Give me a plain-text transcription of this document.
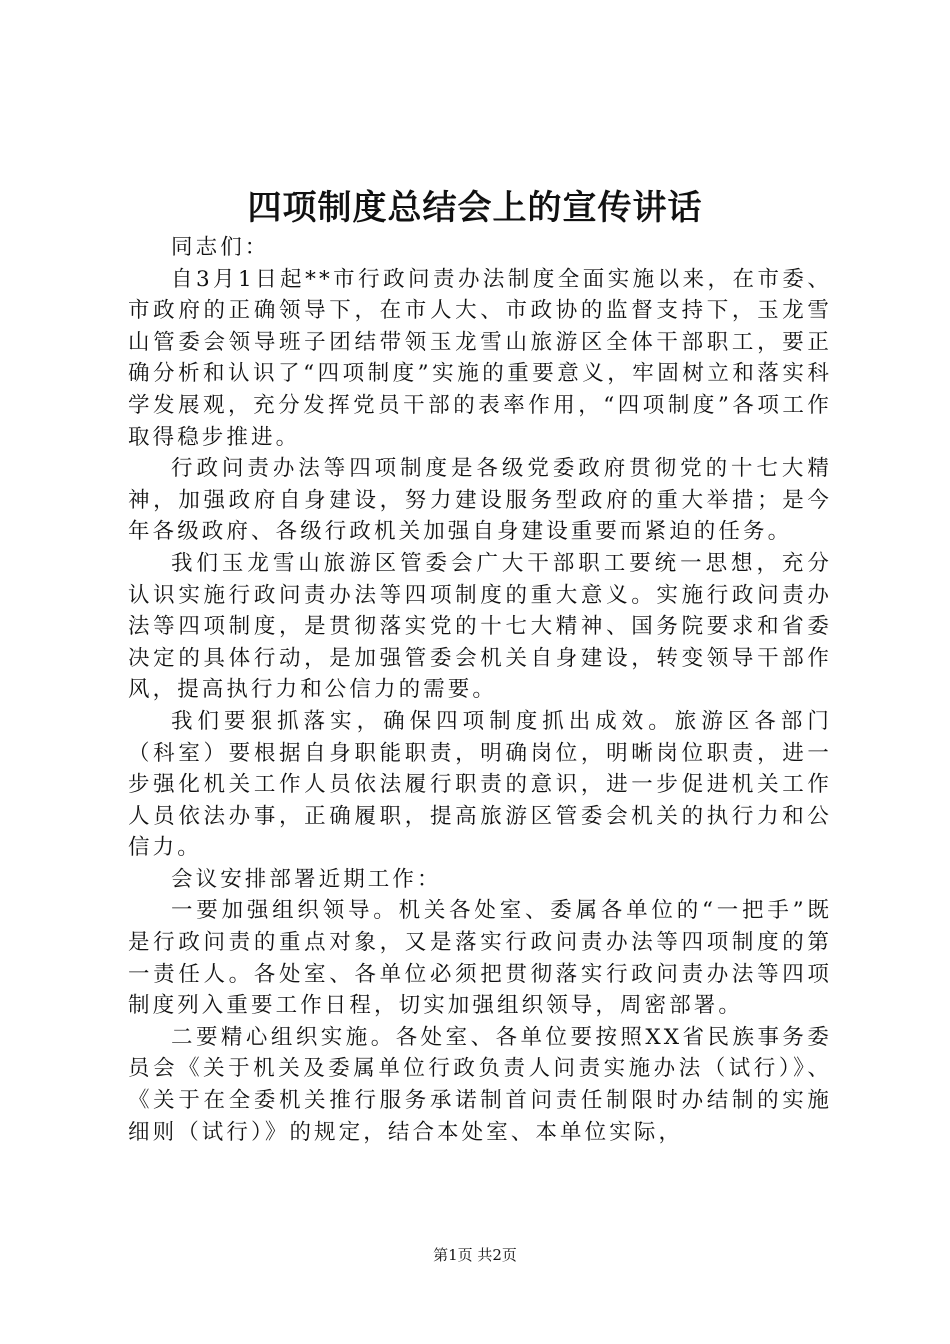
四项制度总结会上的宣传讲话

同志们：

自3月1日起**市行政问责办法制度全面实施以来，在市委、市政府的正确领导下，在市人大、市政协的监督支持下，玉龙雪山管委会领导班子团结带领玉龙雪山旅游区全体干部职工，要正确分析和认识了“四项制度”实施的重要意义，牢固树立和落实科学发展观，充分发挥党员干部的表率作用，“四项制度”各项工作取得稳步推进。

行政问责办法等四项制度是各级党委政府贯彻党的十七大精神，加强政府自身建设，努力建设服务型政府的重大举措；是今年各级政府、各级行政机关加强自身建设重要而紧迫的任务。

我们玉龙雪山旅游区管委会广大干部职工要统一思想，充分认识实施行政问责办法等四项制度的重大意义。实施行政问责办法等四项制度，是贯彻落实党的十七大精神、国务院要求和省委决定的具体行动，是加强管委会机关自身建设，转变领导干部作风，提高执行力和公信力的需要。

我们要狠抓落实，确保四项制度抓出成效。旅游区各部门（科室）要根据自身职能职责，明确岗位，明晰岗位职责，进一步强化机关工作人员依法履行职责的意识，进一步促进机关工作人员依法办事，正确履职，提高旅游区管委会机关的执行力和公信力。

会议安排部署近期工作：

一要加强组织领导。机关各处室、委属各单位的“一把手”既是行政问责的重点对象，又是落实行政问责办法等四项制度的第一责任人。各处室、各单位必须把贯彻落实行政问责办法等四项制度列入重要工作日程，切实加强组织领导，周密部署。

二要精心组织实施。各处室、各单位要按照XX省民族事务委员会《关于机关及委属单位行政负责人问责实施办法（试行）》、《关于在全委机关推行服务承诺制首问责任制限时办结制的实施细则（试行）》的规定，结合本处室、本单位实际，

第1页 共2页
